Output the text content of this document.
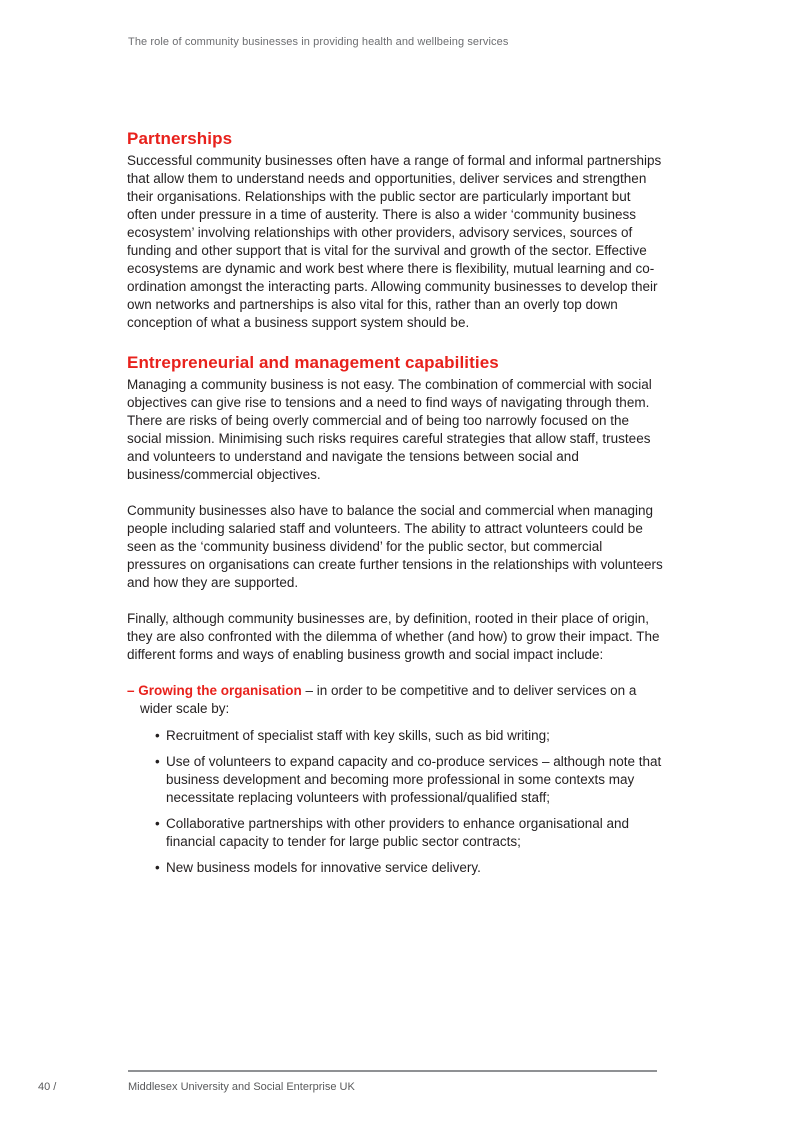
The role of community businesses in providing health and wellbeing services
Partnerships

Successful community businesses often have a range of formal and informal partnerships that allow them to understand needs and opportunities, deliver services and strengthen their organisations. Relationships with the public sector are particularly important but often under pressure in a time of austerity. There is also a wider ‘community business ecosystem’ involving relationships with other providers, advisory services, sources of funding and other support that is vital for the survival and growth of the sector. Effective ecosystems are dynamic and work best where there is flexibility, mutual learning and co-ordination amongst the interacting parts. Allowing community businesses to develop their own networks and partnerships is also vital for this, rather than an overly top down conception of what a business support system should be.

Entrepreneurial and management capabilities

Managing a community business is not easy. The combination of commercial with social objectives can give rise to tensions and a need to find ways of navigating through them. There are risks of being overly commercial and of being too narrowly focused on the social mission. Minimising such risks requires careful strategies that allow staff, trustees and volunteers to understand and navigate the tensions between social and business/commercial objectives.

Community businesses also have to balance the social and commercial when managing people including salaried staff and volunteers. The ability to attract volunteers could be seen as the ‘community business dividend’ for the public sector, but commercial pressures on organisations can create further tensions in the relationships with volunteers and how they are supported.

Finally, although community businesses are, by definition, rooted in their place of origin, they are also confronted with the dilemma of whether (and how) to grow their impact. The different forms and ways of enabling business growth and social impact include:

– Growing the organisation – in order to be competitive and to deliver services on a wider scale by:
• Recruitment of specialist staff with key skills, such as bid writing;
• Use of volunteers to expand capacity and co-produce services – although note that business development and becoming more professional in some contexts may necessitate replacing volunteers with professional/qualified staff;
• Collaborative partnerships with other providers to enhance organisational and financial capacity to tender for large public sector contracts;
• New business models for innovative service delivery.
40 /	Middlesex University and Social Enterprise UK
